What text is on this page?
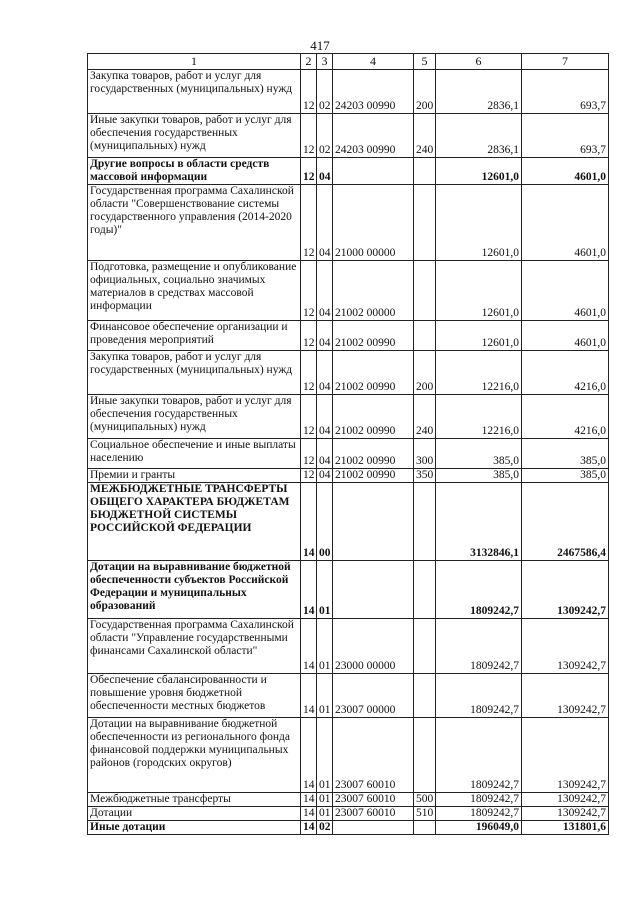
417
1	2	3	4	5	6	7
Закупка товаров, работ и услуг для государственных (муниципальных) нужд	12	02	24203 00990	200	2836,1	693,7
Иные закупки товаров, работ и услуг для обеспечения государственных (муниципальных) нужд	12	02	24203 00990	240	2836,1	693,7
Другие вопросы в области средств массовой информации	12	04			12601,0	4601,0
Государственная программа Сахалинской области "Совершенствование системы государственного управления (2014-2020 годы)"	12	04	21000 00000		12601,0	4601,0
Подготовка, размещение и опубликование официальных, социально значимых материалов в средствах массовой информации	12	04	21002 00000		12601,0	4601,0
Финансовое обеспечение организации и проведения мероприятий	12	04	21002 00990		12601,0	4601,0
Закупка товаров, работ и услуг для государственных (муниципальных) нужд	12	04	21002 00990	200	12216,0	4216,0
Иные закупки товаров, работ и услуг для обеспечения государственных (муниципальных) нужд	12	04	21002 00990	240	12216,0	4216,0
Социальное обеспечение и иные выплаты населению	12	04	21002 00990	300	385,0	385,0
Премии и гранты	12	04	21002 00990	350	385,0	385,0
МЕЖБЮДЖЕТНЫЕ ТРАНСФЕРТЫ ОБЩЕГО ХАРАКТЕРА БЮДЖЕТАМ БЮДЖЕТНОЙ СИСТЕМЫ РОССИЙСКОЙ ФЕДЕРАЦИИ	14	00			3132846,1	2467586,4
Дотации на выравнивание бюджетной обеспеченности субъектов Российской Федерации и муниципальных образований	14	01			1809242,7	1309242,7
Государственная программа Сахалинской области "Управление государственными финансами Сахалинской области"	14	01	23000 00000		1809242,7	1309242,7
Обеспечение сбалансированности и повышение уровня бюджетной обеспеченности местных бюджетов	14	01	23007 00000		1809242,7	1309242,7
Дотации на выравнивание бюджетной обеспеченности из регионального фонда финансовой поддержки муниципальных районов (городских округов)	14	01	23007 60010		1809242,7	1309242,7
Межбюджетные трансферты	14	01	23007 60010	500	1809242,7	1309242,7
Дотации	14	01	23007 60010	510	1809242,7	1309242,7
Иные дотации	14	02			196049,0	131801,6
